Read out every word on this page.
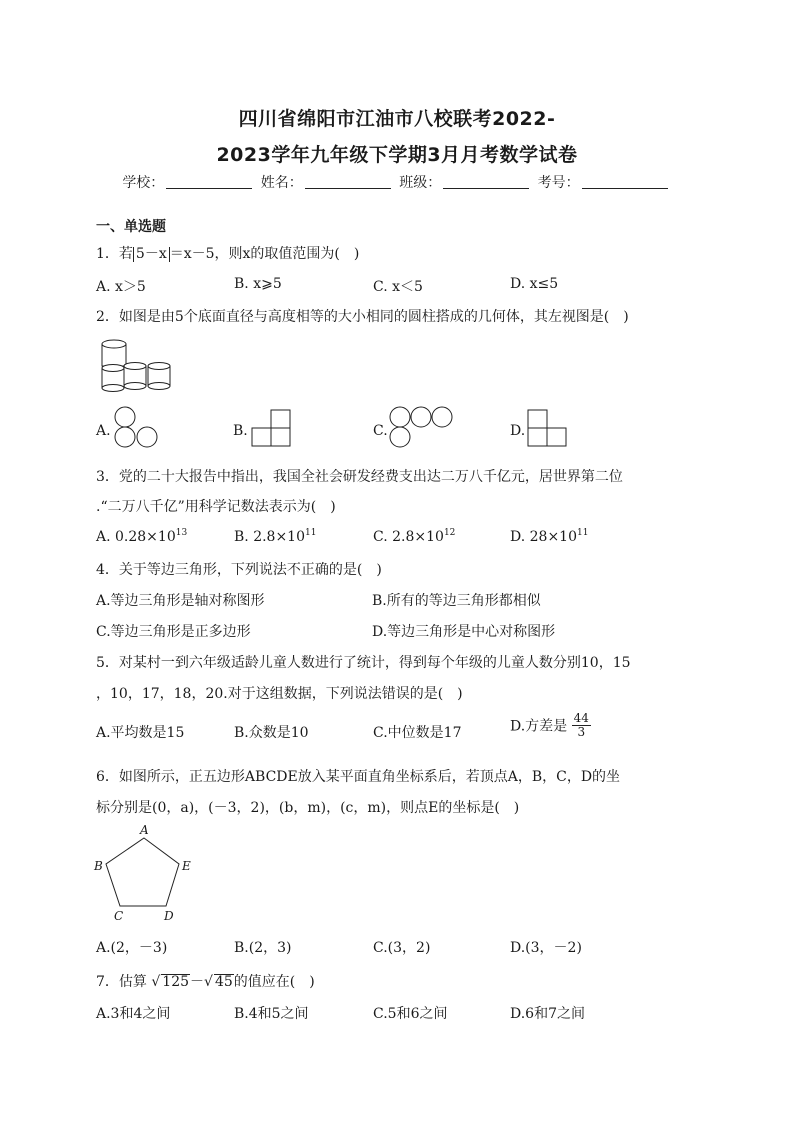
四川省绵阳市江油市八校联考2022-
2023学年九年级下学期3月月考数学试卷
学校：	姓名：	班级：	考号：
一、单选题
1．若 5－x ＝x－5，则x的取值范围为(　)
A. x＞5	B. x⩾5	C. x＜5	D. x≤5
2．如图是由5个底面直径与高度相等的大小相同的圆柱搭成的几何体，其左视图是(　)
A.	B.	C.	D.
3．党的二十大报告中指出，我国全社会研发经费支出达二万八千亿元，居世界第二位
.“二万八千亿”用科学记数法表示为(　)
A. $0.28\times 10^{13}$	B. $2.8\times 10^{11}$	C. $2.8\times 10^{12}$	D. $28\times 10^{11}$
4．关于等边三角形，下列说法不正确的是(　)
A.等边三角形是轴对称图形	B.所有的等边三角形都相似
C.等边三角形是正多边形	D.等边三角形是中心对称图形
5．对某村一到六年级适龄儿童人数进行了统计，得到每个年级的儿童人数分别10，15
，10，17，18，20.对于这组数据，下列说法错误的是(　)
A.平均数是15	B.众数是10	C.中位数是17	D.方差是 $\frac{44}{3}$
6．如图所示，正五边形ABCDE放入某平面直角坐标系后，若顶点A，B，C，D的坐
标分别是(0，a)，(－3，2)，(b，m)，(c，m)，则点E的坐标是(　)
A
B
C	D
E
A.(2，－3)	B.(2，3)	C.(3，2)	D.(3，－2)
7．估算 √ 125－√ 45的值应在(　)
A.3和4之间	B.4和5之间	C.5和6之间	D.6和7之间
